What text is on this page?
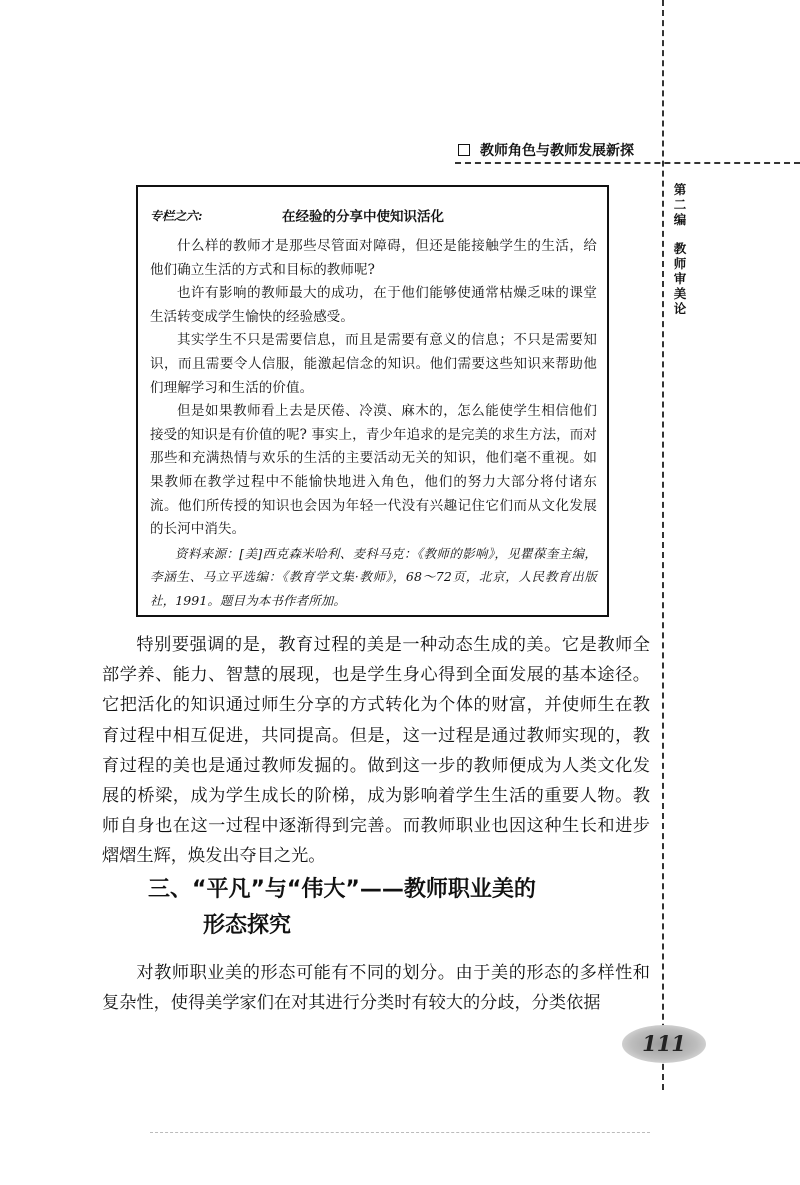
教师角色与教师发展新探
第二编
教师审美论
专栏之六:	在经验的分享中使知识活化

什么样的教师才是那些尽管面对障碍，但还是能接触学生的生活，给他们确立生活的方式和目标的教师呢?

也许有影响的教师最大的成功，在于他们能够使通常枯燥乏味的课堂生活转变成学生愉快的经验感受。

其实学生不只是需要信息，而且是需要有意义的信息；不只是需要知识，而且需要令人信服，能激起信念的知识。他们需要这些知识来帮助他们理解学习和生活的价值。

但是如果教师看上去是厌倦、冷漠、麻木的，怎么能使学生相信他们接受的知识是有价值的呢? 事实上，青少年追求的是完美的求生方法，而对那些和充满热情与欢乐的生活的主要活动无关的知识，他们毫不重视。如果教师在教学过程中不能愉快地进入角色，他们的努力大部分将付诸东流。他们所传授的知识也会因为年轻一代没有兴趣记住它们而从文化发展的长河中消失。

资料来源：[美]西克森米哈利、麦科马克：《教师的影响》，见瞿葆奎主编，李涵生、马立平选编：《教育学文集·教师》，68～72页，北京，人民教育出版社，1991。题目为本书作者所加。

特别要强调的是，教育过程的美是一种动态生成的美。它是教师全部学养、能力、智慧的展现，也是学生身心得到全面发展的基本途径。它把活化的知识通过师生分享的方式转化为个体的财富，并使师生在教育过程中相互促进，共同提高。但是，这一过程是通过教师实现的，教育过程的美也是通过教师发掘的。做到这一步的教师便成为人类文化发展的桥梁，成为学生成长的阶梯，成为影响着学生生活的重要人物。教师自身也在这一过程中逐渐得到完善。而教师职业也因这种生长和进步熠熠生辉，焕发出夺目之光。

三、“平凡”与“伟大”——教师职业美的
形态探究

对教师职业美的形态可能有不同的划分。由于美的形态的多样性和复杂性，使得美学家们在对其进行分类时有较大的分歧，分类依据

111
